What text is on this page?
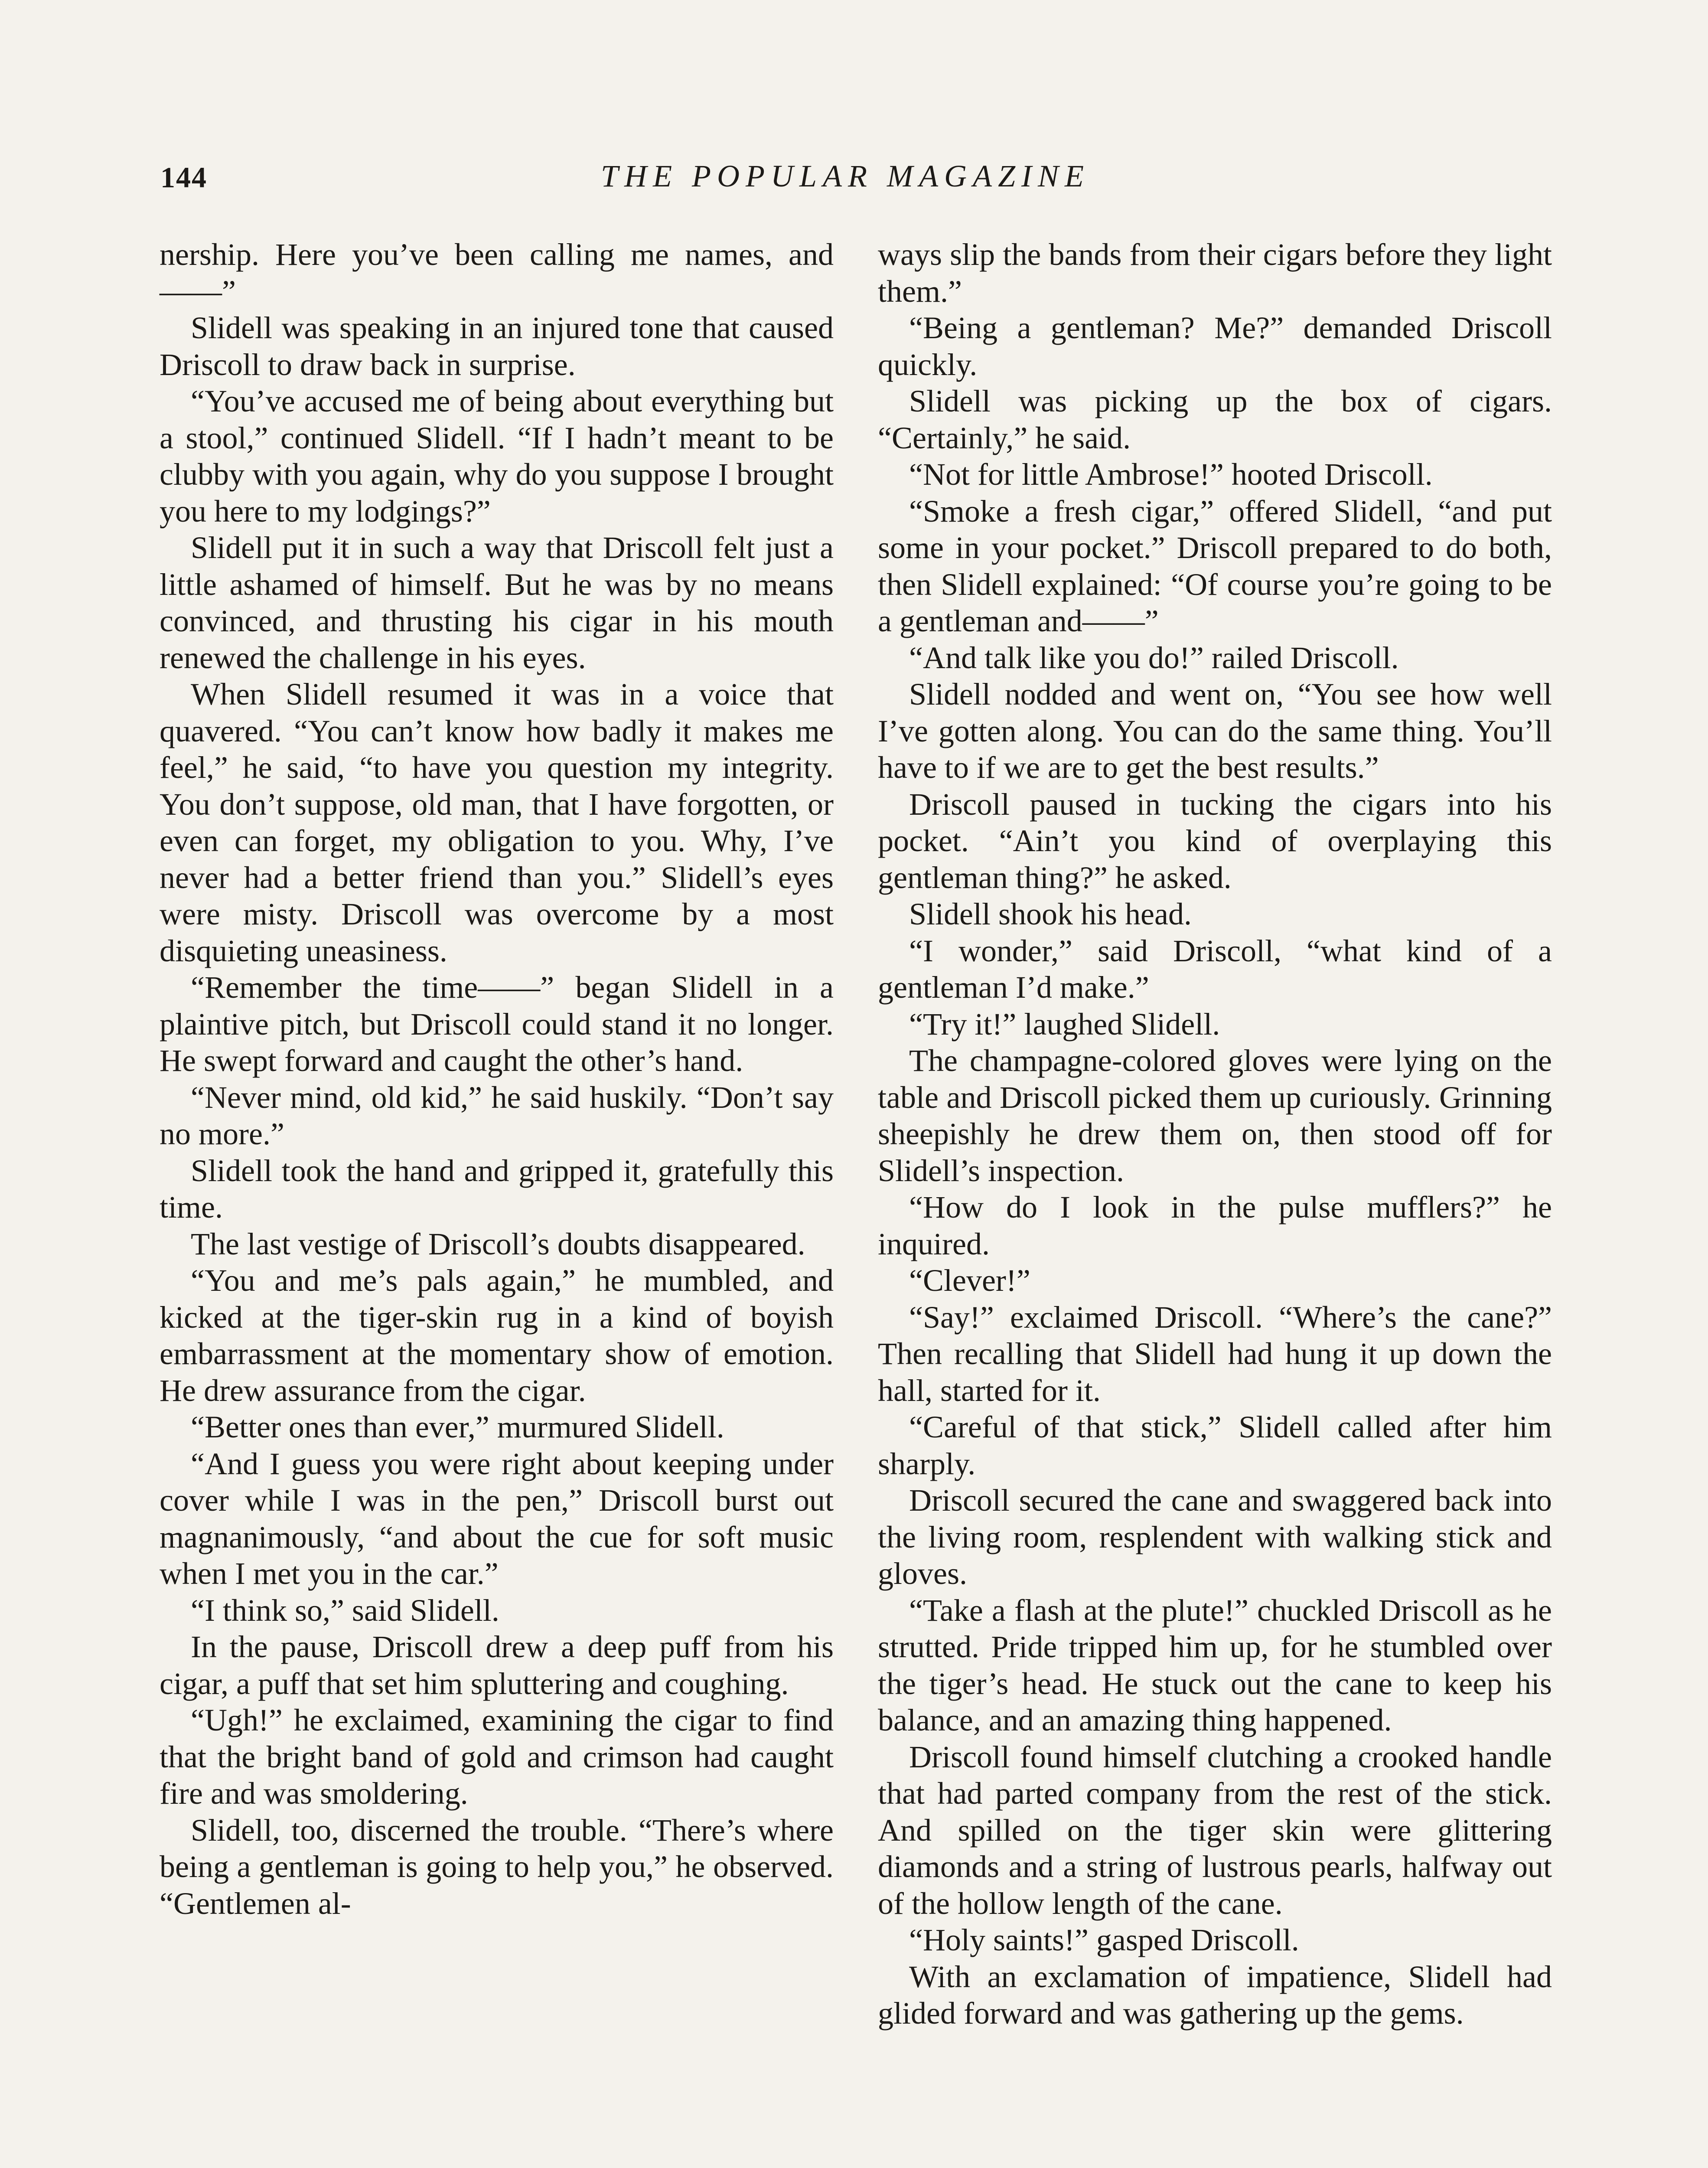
144	THE POPULAR MAGAZINE

nership. Here you’ve been calling me names, and——”

Slidell was speaking in an injured tone that caused Driscoll to draw back in surprise.

“You’ve accused me of being about everything but a stool,” continued Slidell. “If I hadn’t meant to be clubby with you again, why do you suppose I brought you here to my lodgings?”

Slidell put it in such a way that Driscoll felt just a little ashamed of himself. But he was by no means convinced, and thrusting his cigar in his mouth renewed the challenge in his eyes.

When Slidell resumed it was in a voice that quavered. “You can’t know how badly it makes me feel,” he said, “to have you question my integrity. You don’t suppose, old man, that I have forgotten, or even can forget, my obligation to you. Why, I’ve never had a better friend than you.” Slidell’s eyes were misty. Driscoll was overcome by a most disquieting uneasiness.

“Remember the time——” began Slidell in a plaintive pitch, but Driscoll could stand it no longer. He swept forward and caught the other’s hand.

“Never mind, old kid,” he said huskily. “Don’t say no more.”

Slidell took the hand and gripped it, gratefully this time.

The last vestige of Driscoll’s doubts disappeared.

“You and me’s pals again,” he mumbled, and kicked at the tiger-skin rug in a kind of boyish embarrassment at the momentary show of emotion. He drew assurance from the cigar.

“Better ones than ever,” murmured Slidell.

“And I guess you were right about keeping under cover while I was in the pen,” Driscoll burst out magnanimously, “and about the cue for soft music when I met you in the car.”

“I think so,” said Slidell.

In the pause, Driscoll drew a deep puff from his cigar, a puff that set him spluttering and coughing.

“Ugh!” he exclaimed, examining the cigar to find that the bright band of gold and crimson had caught fire and was smoldering.

Slidell, too, discerned the trouble. “There’s where being a gentleman is going to help you,” he observed. “Gentlemen al-

ways slip the bands from their cigars before they light them.”

“Being a gentleman? Me?” demanded Driscoll quickly.

Slidell was picking up the box of cigars. “Certainly,” he said.

“Not for little Ambrose!” hooted Driscoll.

“Smoke a fresh cigar,” offered Slidell, “and put some in your pocket.” Driscoll prepared to do both, then Slidell explained: “Of course you’re going to be a gentleman and——”

“And talk like you do!” railed Driscoll.

Slidell nodded and went on, “You see how well I’ve gotten along. You can do the same thing. You’ll have to if we are to get the best results.”

Driscoll paused in tucking the cigars into his pocket. “Ain’t you kind of overplaying this gentleman thing?” he asked.

Slidell shook his head.

“I wonder,” said Driscoll, “what kind of a gentleman I’d make.”

“Try it!” laughed Slidell.

The champagne-colored gloves were lying on the table and Driscoll picked them up curiously. Grinning sheepishly he drew them on, then stood off for Slidell’s inspection.

“How do I look in the pulse mufflers?” he inquired.

“Clever!”

“Say!” exclaimed Driscoll. “Where’s the cane?” Then recalling that Slidell had hung it up down the hall, started for it.

“Careful of that stick,” Slidell called after him sharply.

Driscoll secured the cane and swaggered back into the living room, resplendent with walking stick and gloves.

“Take a flash at the plute!” chuckled Driscoll as he strutted. Pride tripped him up, for he stumbled over the tiger’s head. He stuck out the cane to keep his balance, and an amazing thing happened.

Driscoll found himself clutching a crooked handle that had parted company from the rest of the stick. And spilled on the tiger skin were glittering diamonds and a string of lustrous pearls, halfway out of the hollow length of the cane.

“Holy saints!” gasped Driscoll.

With an exclamation of impatience, Slidell had glided forward and was gathering up the gems.
